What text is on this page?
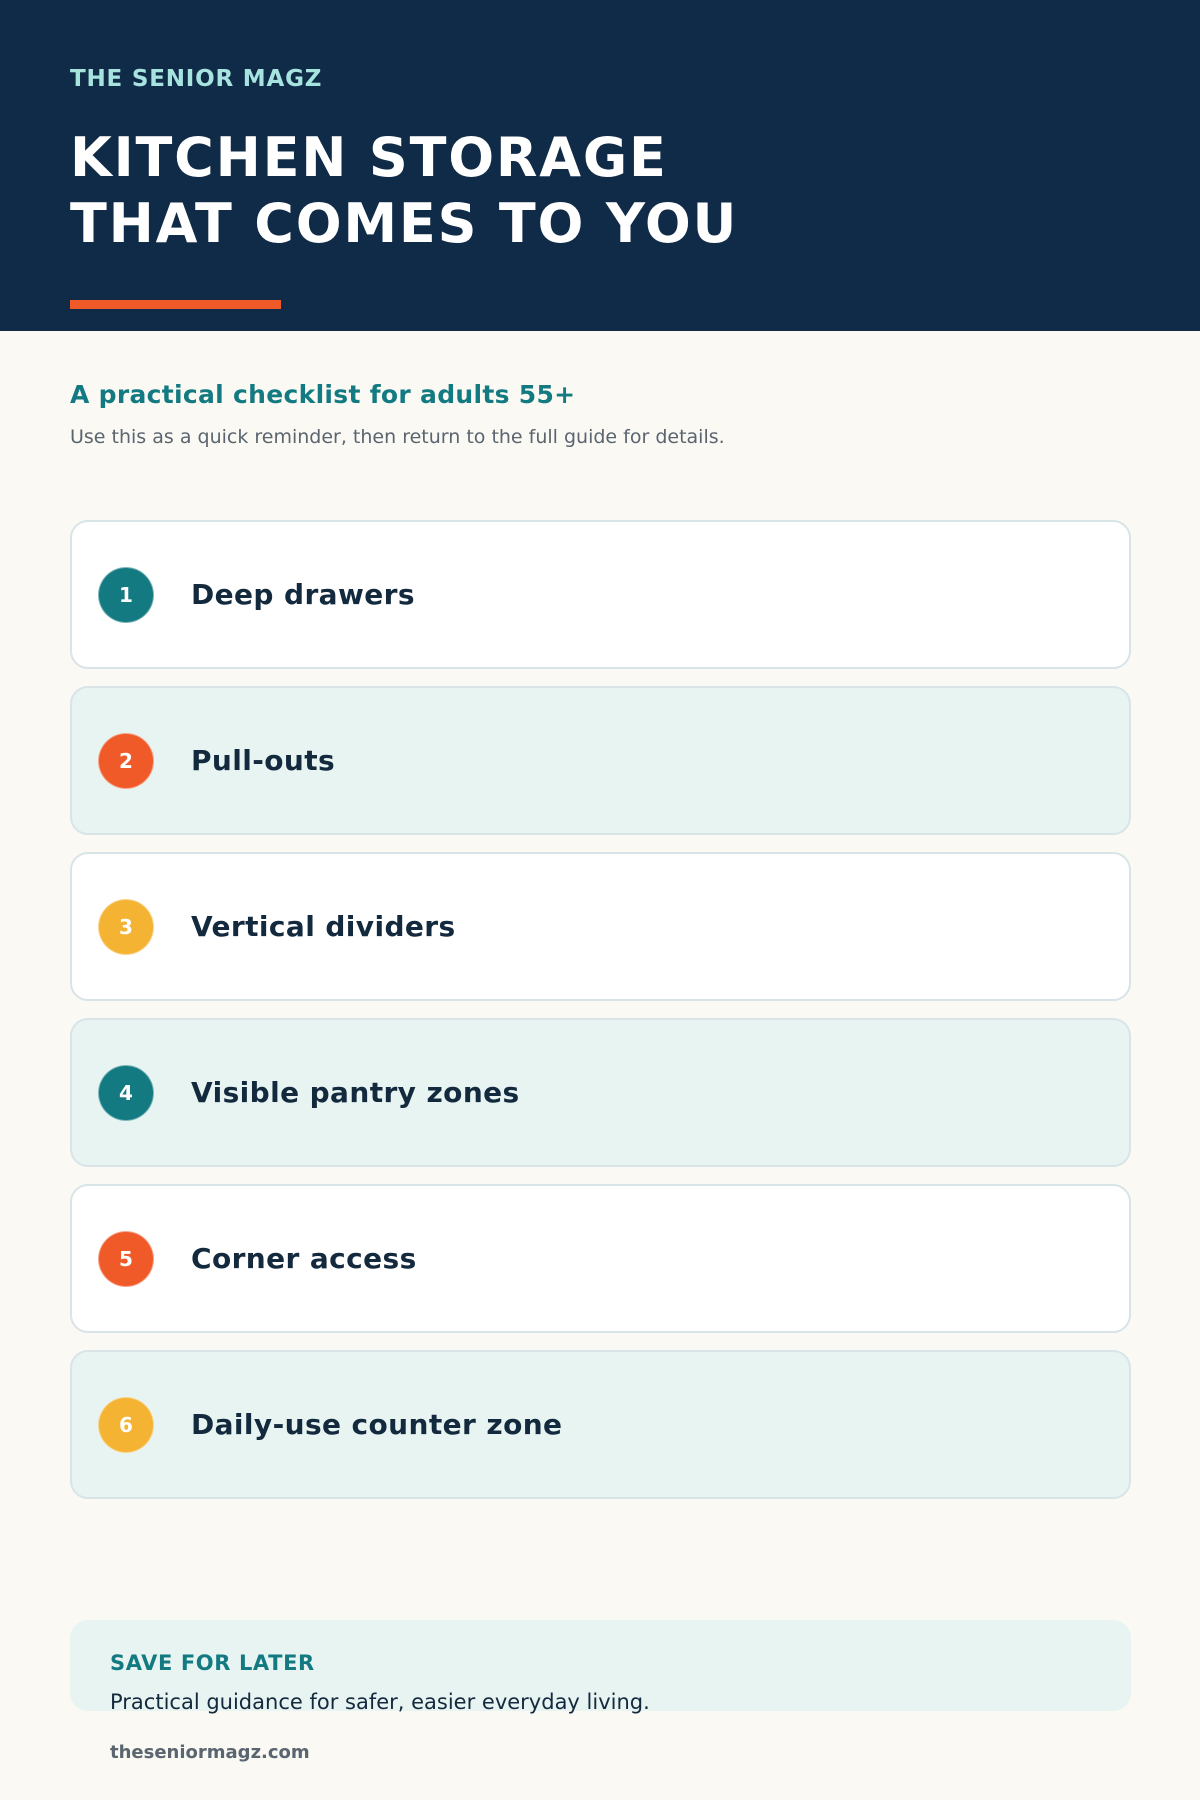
THE SENIOR MAGZ

KITCHEN STORAGE
THAT COMES TO YOU
A practical checklist for adults 55+

Use this as a quick reminder, then return to the full guide for details.

1	Deep drawers
2	Pull-outs
3	Vertical dividers
4	Visible pantry zones
5	Corner access
6	Daily-use counter zone
SAVE FOR LATER

Practical guidance for safer, easier everyday living.

theseniormagz.com
